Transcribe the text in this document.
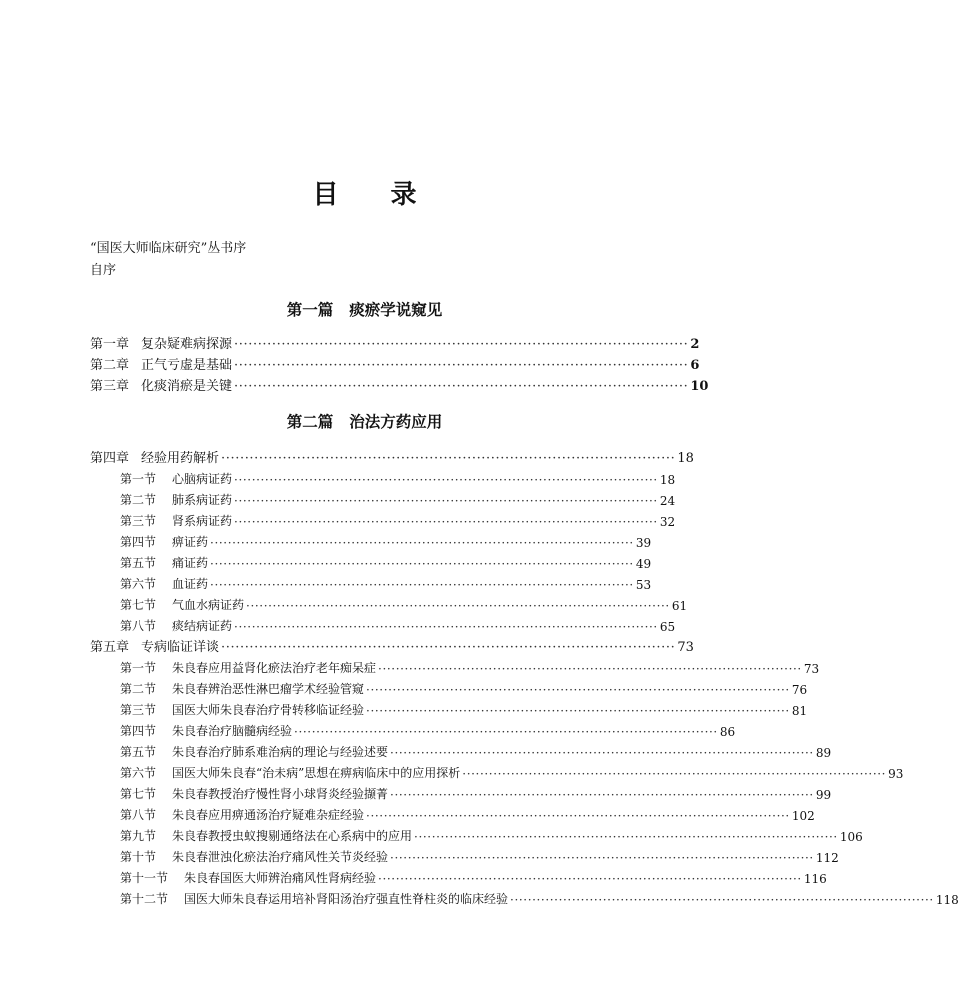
目 录
“国医大师临床研究”丛书序
自序
第一篇 痰瘀学说窥见
第二篇 治法方药应用
第一章 复杂疑难病探源 ································································································ 2
第二章 正气亏虚是基础 ································································································ 6
第三章 化痰消瘀是关键 ································································································ 10
第四章 经验用药解析 ································································································ 18
第一节 心脑病证药 ································································································ 18
第二节 肺系病证药 ································································································ 24
第三节 肾系病证药 ································································································ 32
第四节 痹证药 ································································································ 39
第五节 痛证药 ································································································ 49
第六节 血证药 ································································································ 53
第七节 气血水病证药 ································································································ 61
第八节 痰结病证药 ································································································ 65
第五章 专病临证详谈 ································································································ 73
第一节 朱良春应用益肾化瘀法治疗老年痴呆症 ································································································ 73
第二节 朱良春辨治恶性淋巴瘤学术经验管窥 ································································································ 76
第三节 国医大师朱良春治疗骨转移临证经验 ································································································ 81
第四节 朱良春治疗脑髓病经验 ································································································ 86
第五节 朱良春治疗肺系难治病的理论与经验述要 ································································································ 89
第六节 国医大师朱良春“治未病”思想在痹病临床中的应用探析 ································································································ 93
第七节 朱良春教授治疗慢性肾小球肾炎经验撷菁 ································································································ 99
第八节 朱良春应用痹通汤治疗疑难杂症经验 ································································································ 102
第九节 朱良春教授虫蚁搜剔通络法在心系病中的应用 ································································································ 106
第十节 朱良春泄浊化瘀法治疗痛风性关节炎经验 ································································································ 112
第十一节 朱良春国医大师辨治痛风性肾病经验 ································································································ 116
第十二节 国医大师朱良春运用培补肾阳汤治疗强直性脊柱炎的临床经验 ································································································ 118
